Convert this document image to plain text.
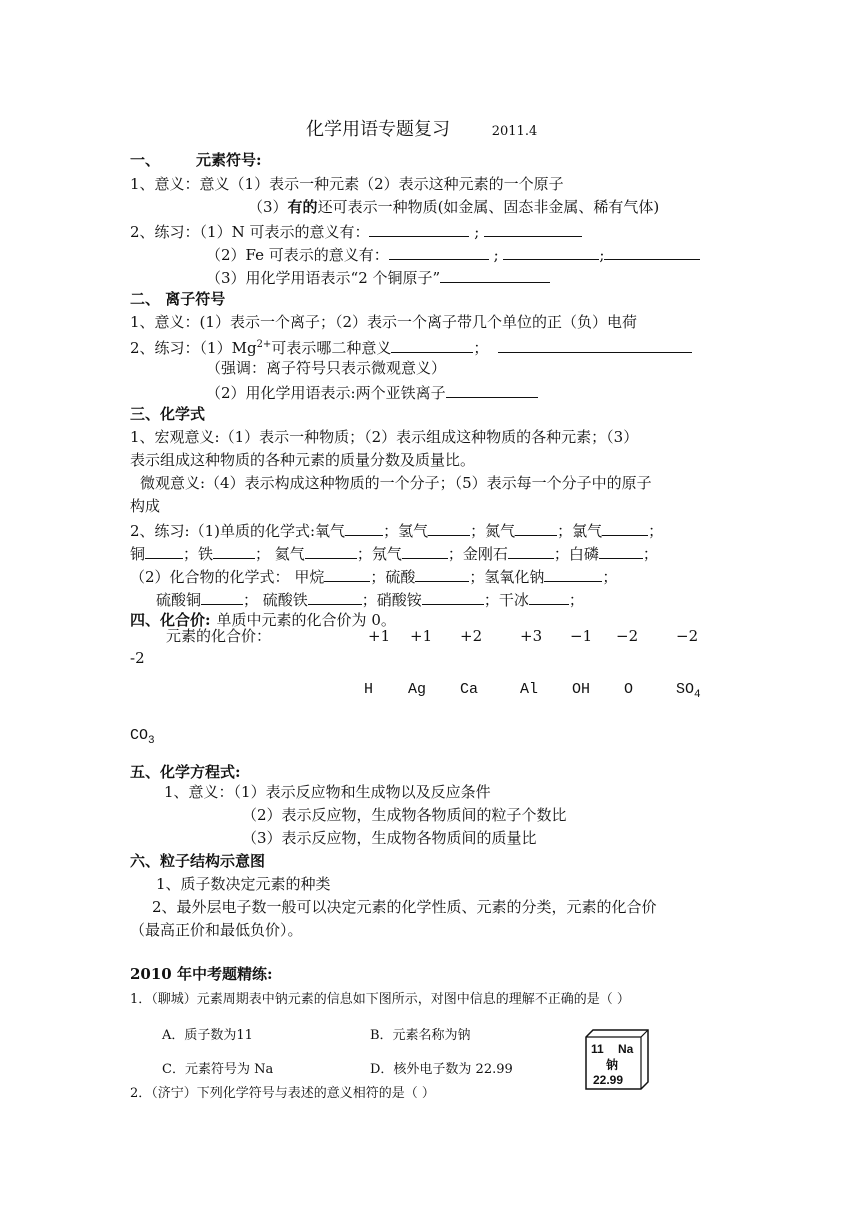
化学用语专题复习	2011.4
一、 元素符号:
1、意义：意义（1）表示一种元素（2）表示这种元素的一个原子
（3）有的还可表示一种物质(如金属、固态非金属、稀有气体)
2、练习：（1）N 可表示的意义有：	;
（2）Fe 可表示的意义有：	;	;
（3）用化学用语表示“2 个铜原子”
二、 离子符号
1、意义：(1）表示一个离子；（2）表示一个离子带几个单位的正（负）电荷
2、练习：$(1)Mg^{2+}$可表示哪二种意义	；
（强调：离子符号只表示微观意义）
（2）用化学用语表示:两个亚铁离子
三、化学式
1、宏观意义:（1）表示一种物质；（2）表示组成这种物质的各种元素；（3）
表示组成这种物质的各种元素的质量分数及质量比。
微观意义:（4）表示构成这种物质的一个分子；（5）表示每一个分子中的原子
构成
2、练习:（1)单质的化学式:氧气	；氢气	；氮气	；氯气	；
铜	；铁	； 氦气	；氖气	；金刚石	；白磷	；
（2）化合物的化学式： 甲烷	；硫酸	；氢氧化钠	；
硫酸铜	； 硫酸铁	；硝酸铵	；干冰	；
四、化合价: 单质中元素的化合价为 0。
元素的化合价：	+1 +1 +2	+3 −1 −2	−2
-2
H Ag Ca	Al OH O	$SO_4$
$CO_3$
五、化学方程式:
1、意义：（1）表示反应物和生成物以及反应条件
（2）表示反应物，生成物各物质间的粒子个数比
（3）表示反应物，生成物各物质间的质量比
六、粒子结构示意图
1、质子数决定元素的种类
2、最外层电子数一般可以决定元素的化学性质、元素的分类，元素的化合价
（最高正价和最低负价）。
2010 年中考题精练:
1．（聊城）元素周期表中钠元素的信息如下图所示，对图中信息的理解不正确的是（ ）
A．质子数为11	B．元素名称为钠
C．元素符号为 Na	D．核外电子数为 22.99
2．（济宁）下列化学符号与表述的意义相符的是（ ）
11 Na
钠
22.99
